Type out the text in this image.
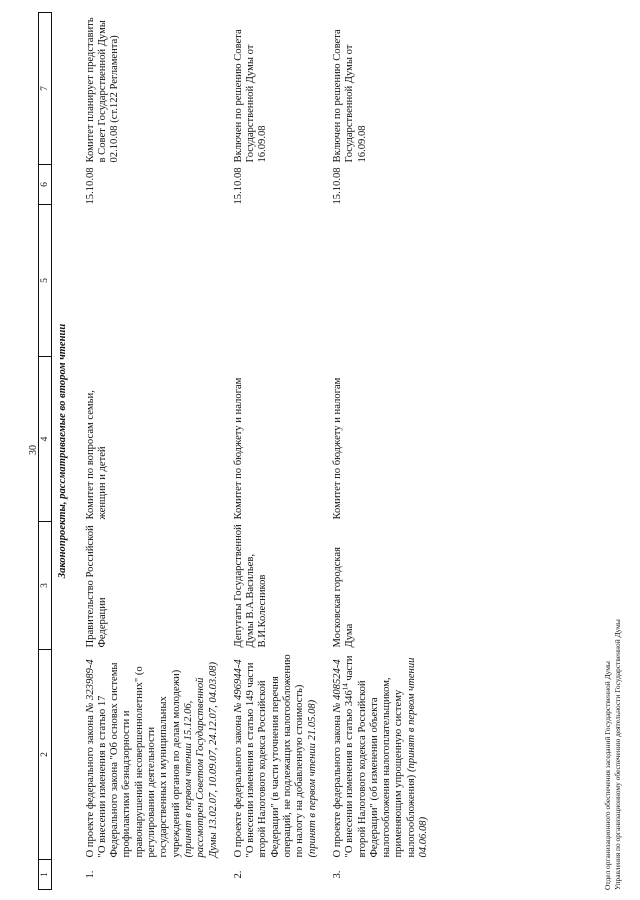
30
1	2	3	4	5	6	7
Законопроекты, рассматриваемые во втором чтении						
1.	О проекте федерального закона № 323989-4 "О внесении изменения в статью 17 Федерального закона "Об основах системы профилактики безнадзорности и правонарушений несовершеннолетних" (о регулировании деятельности государственных и муниципальных учреждений органов по делам молодежи) (принят в первом чтении 15.12.06, рассмотрен Советом Государственной Думы 13.02.07, 10.09.07, 24.12.07, 04.03.08)	Правительство Российской Федерации	Комитет по вопросам семьи, женщин и детей		15.10.08	Комитет планирует представить в Совет Государственной Думы 02.10.08 (ст.122 Регламента)
2.	О проекте федерального закона № 496944-4 "О внесении изменения в статью 149 части второй Налогового кодекса Российской Федерации" (в части уточнения перечня операций, не подлежащих налогообложению по налогу на добавленную стоимость) (принят в первом чтении 21.05.08)	Депутаты Государственной Думы В.А.Васильев, В.И.Колесников	Комитет по бюджету и налогам		15.10.08	Включен по решению Совета Государственной Думы от 16.09.08
3.	О проекте федерального закона № 408524-4 "О внесении изменения в статью $346^{14}$ части второй Налогового кодекса Российской Федерации" (об изменении объекта налогообложения налогоплательщиком, применяющим упрощенную систему налогообложения) (принят в первом чтении 04.06.08)	Московская городская Дума	Комитет по бюджету и налогам		15.10.08	Включен по решению Совета Государственной Думы от 16.09.08
Отдел организационного обеспечения заседаний Государственной Думы Управления по организационному обеспечению деятельности Государственной Думы
